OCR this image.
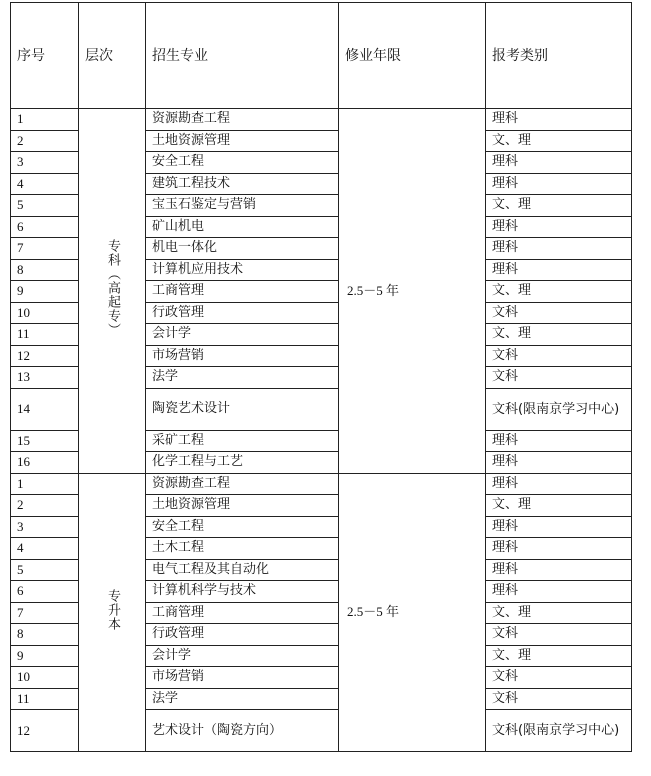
序号	层次	招生专业	修业年限	报考类别
1	专科（高起专）	资源勘查工程	2.5－5 年	理科
2		土地资源管理		文、理
3		安全工程		理科
4		建筑工程技术		理科
5		宝玉石鉴定与营销		文、理
6		矿山机电		理科
7		机电一体化		理科
8		计算机应用技术		理科
9		工商管理		文、理
10		行政管理		文科
11		会计学		文、理
12		市场营销		文科
13		法学		文科
14		陶瓷艺术设计		文科(限南京学习中心)
15		采矿工程		理科
16		化学工程与工艺		理科
1	专升本	资源勘查工程	2.5－5 年	理科
2		土地资源管理		文、理
3		安全工程		理科
4		土木工程		理科
5		电气工程及其自动化		理科
6		计算机科学与技术		理科
7		工商管理		文、理
8		行政管理		文科
9		会计学		文、理
10		市场营销		文科
11		法学		文科
12		艺术设计（陶瓷方向）		文科(限南京学习中心)
